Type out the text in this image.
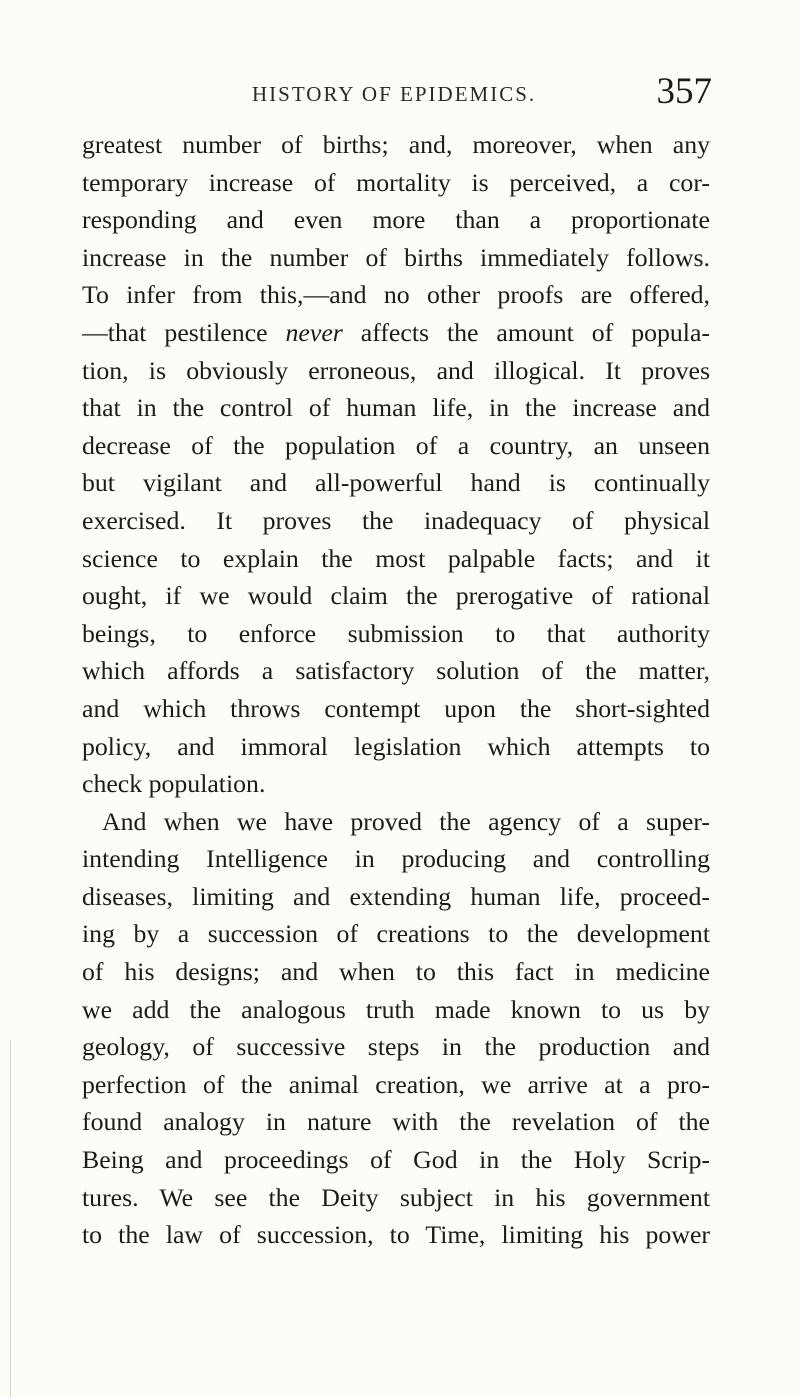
HISTORY OF EPIDEMICS.	357
greatest number of births; and, moreover, when any
temporary increase of mortality is perceived, a cor-
responding and even more than a proportionate
increase in the number of births immediately follows.
To infer from this,—and no other proofs are offered,
—that pestilence never affects the amount of popula-
tion, is obviously erroneous, and illogical. It proves
that in the control of human life, in the increase and
decrease of the population of a country, an unseen
but vigilant and all-powerful hand is continually
exercised. It proves the inadequacy of physical
science to explain the most palpable facts; and it
ought, if we would claim the prerogative of rational
beings, to enforce submission to that authority
which affords a satisfactory solution of the matter,
and which throws contempt upon the short-sighted
policy, and immoral legislation which attempts to
check population.
And when we have proved the agency of a super-
intending Intelligence in producing and controlling
diseases, limiting and extending human life, proceed-
ing by a succession of creations to the development
of his designs; and when to this fact in medicine
we add the analogous truth made known to us by
geology, of successive steps in the production and
perfection of the animal creation, we arrive at a pro-
found analogy in nature with the revelation of the
Being and proceedings of God in the Holy Scrip-
tures. We see the Deity subject in his government
to the law of succession, to Time, limiting his power
